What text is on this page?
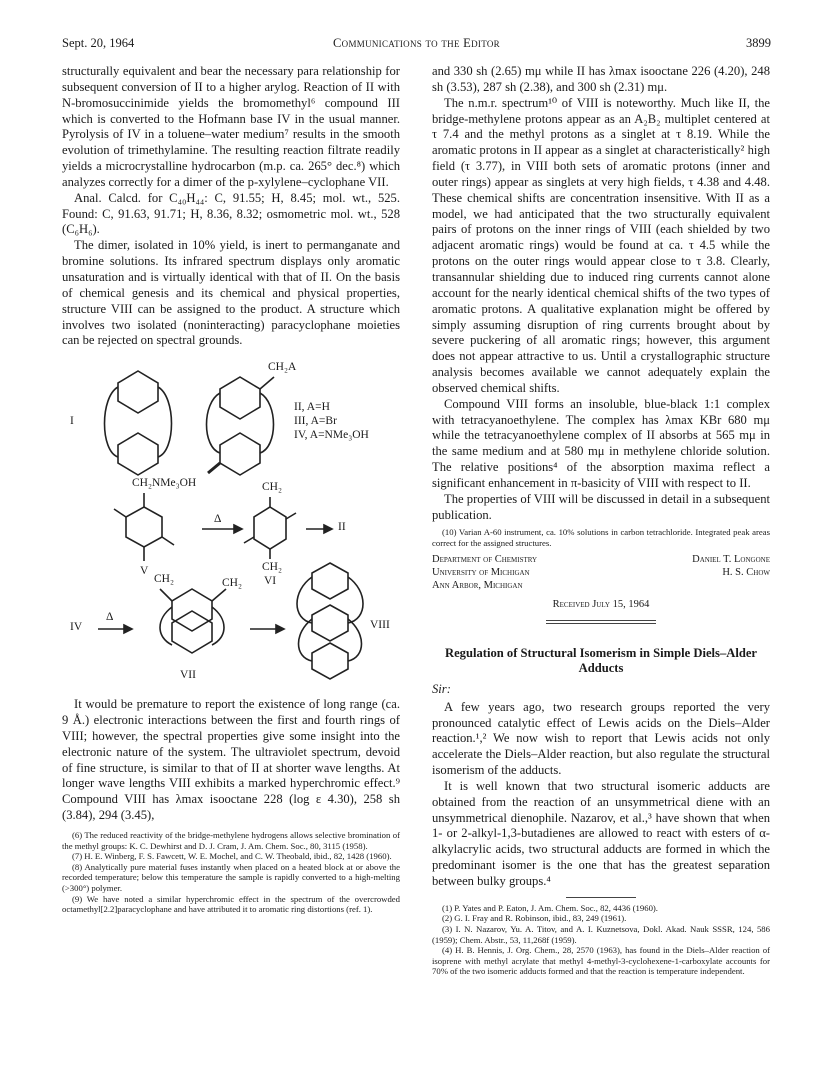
Sept. 20, 1964	Communications to the Editor	3899

structurally equivalent and bear the necessary para relationship for subsequent conversion of II to a higher arylog. Reaction of II with N-bromosuccinimide yields the bromomethyl⁶ compound III which is converted to the Hofmann base IV in the usual manner. Pyrolysis of IV in a toluene–water medium⁷ results in the smooth evolution of trimethylamine. The resulting reaction filtrate readily yields a microcrystalline hydrocarbon (m.p. ca. 265° dec.⁸) which analyzes correctly for a dimer of the p-xylylene–cyclophane VII.

Anal. Calcd. for C₄₀H₄₄: C, 91.55; H, 8.45; mol. wt., 525. Found: C, 91.63, 91.71; H, 8.36, 8.32; osmometric mol. wt., 528 (C₆H₆).

The dimer, isolated in 10% yield, is inert to permanganate and bromine solutions. Its infrared spectrum displays only aromatic unsaturation and is virtually identical with that of II. On the basis of chemical genesis and its chemical and physical properties, structure VIII can be assigned to the product. A structure which involves two isolated (noninteracting) paracyclophane moieties can be rejected on spectral grounds.

I
CH₂A
II, A=H
III, A=Br
IV, A=NMe₃OH
CH₂NMe₃OH
V
Δ
CH₂
CH₂
II
VI
IV
Δ
CH₂	CH₂
VII
VIII

It would be premature to report the existence of long range (ca. 9 Å.) electronic interactions between the first and fourth rings of VIII; however, the spectral properties give some insight into the electronic nature of the system. The ultraviolet spectrum, devoid of fine structure, is similar to that of II at shorter wave lengths. At longer wave lengths VIII exhibits a marked hyperchromic effect.⁹ Compound VIII has λmax isooctane 228 (log ε 4.30), 258 sh (3.84), 294 (3.45),

(6) The reduced reactivity of the bridge-methylene hydrogens allows selective bromination of the methyl groups: K. C. Dewhirst and D. J. Cram, J. Am. Chem. Soc., 80, 3115 (1958).

(7) H. E. Winberg, F. S. Fawcett, W. E. Mochel, and C. W. Theobald, ibid., 82, 1428 (1960).

(8) Analytically pure material fuses instantly when placed on a heated block at or above the recorded temperature; below this temperature the sample is rapidly converted to a high-melting (>300°) polymer.

(9) We have noted a similar hyperchromic effect in the spectrum of the overcrowded octamethyl[2.2]paracyclophane and have attributed it to aromatic ring distortions (ref. 1).

and 330 sh (2.65) mμ while II has λmax isooctane 226 (4.20), 248 sh (3.53), 287 sh (2.38), and 300 sh (2.31) mμ.

The n.m.r. spectrum¹⁰ of VIII is noteworthy. Much like II, the bridge-methylene protons appear as an A₂B₂ multiplet centered at τ 7.4 and the methyl protons as a singlet at τ 8.19. While the aromatic protons in II appear as a singlet at characteristically² high field (τ 3.77), in VIII both sets of aromatic protons (inner and outer rings) appear as singlets at very high fields, τ 4.38 and 4.48. These chemical shifts are concentration insensitive. With II as a model, we had anticipated that the two structurally equivalent pairs of protons on the inner rings of VIII (each shielded by two adjacent aromatic rings) would be found at ca. τ 4.5 while the protons on the outer rings would appear close to τ 3.8. Clearly, transannular shielding due to induced ring currents cannot alone account for the nearly identical chemical shifts of the two types of aromatic protons. A qualitative explanation might be offered by simply assuming disruption of ring currents brought about by severe puckering of all aromatic rings; however, this argument does not appear attractive to us. Until a crystallographic structure analysis becomes available we cannot adequately explain the observed chemical shifts.

Compound VIII forms an insoluble, blue-black 1:1 complex with tetracyanoethylene. The complex has λmax KBr 680 mμ while the tetracyanoethylene complex of II absorbs at 565 mμ in the same medium and at 580 mμ in methylene chloride solution. The relative positions⁴ of the absorption maxima reflect a significant enhancement in π-basicity of VIII with respect to II.

The properties of VIII will be discussed in detail in a subsequent publication.

(10) Varian A-60 instrument, ca. 10% solutions in carbon tetrachloride. Integrated peak areas correct for the assigned structures.

Department of Chemistry
University of Michigan
Ann Arbor, Michigan
Daniel T. Longone
H. S. Chow
Received July 15, 1964
Regulation of Structural Isomerism in Simple Diels–Alder Adducts
Sir:

A few years ago, two research groups reported the very pronounced catalytic effect of Lewis acids on the Diels–Alder reaction.¹,² We now wish to report that Lewis acids not only accelerate the Diels–Alder reaction, but also regulate the structural isomerism of the adducts.

It is well known that two structural isomeric adducts are obtained from the reaction of an unsymmetrical diene with an unsymmetrical dienophile. Nazarov, et al.,³ have shown that when 1- or 2-alkyl-1,3-butadienes are allowed to react with esters of α-alkylacrylic acids, two structural adducts are formed in which the predominant isomer is the one that has the greatest separation between bulky groups.⁴

(1) P. Yates and P. Eaton, J. Am. Chem. Soc., 82, 4436 (1960).

(2) G. I. Fray and R. Robinson, ibid., 83, 249 (1961).

(3) I. N. Nazarov, Yu. A. Titov, and A. I. Kuznetsova, Dokl. Akad. Nauk SSSR, 124, 586 (1959); Chem. Abstr., 53, 11,268f (1959).

(4) H. B. Hennis, J. Org. Chem., 28, 2570 (1963), has found in the Diels–Alder reaction of isoprene with methyl acrylate that methyl 4-methyl-3-cyclohexene-1-carboxylate accounts for 70% of the two isomeric adducts formed and that the reaction is temperature independent.
